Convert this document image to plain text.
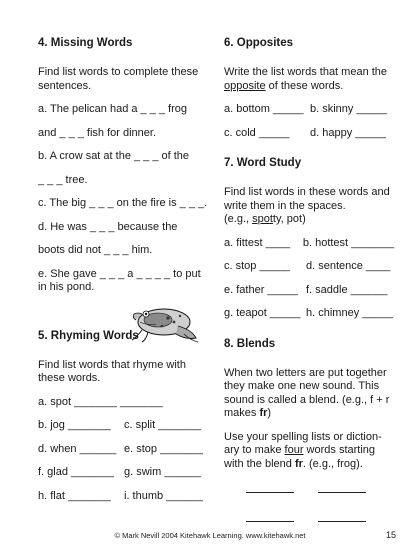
4. Missing Words

Find list words to complete these sentences.

a. The pelican had a _ _ _ frog

and _ _ _ fish for dinner.

b. A crow sat at the _ _ _ of the

_ _ _ tree.

c. The big _ _ _ on the fire is _ _ _.

d. He was _ _ _ because the

boots did not _ _ _ him.

e. She gave _ _ _ a _ _ _ _ to put

in his pond.

5. Rhyming Words

Find list words that rhyme with these words.

a. spot _______ _______

b. jog _______	c. split _______
d. when ______ e. stop _______
f. glad _______ g. swim ______
h. flat _______	i. thumb ______

6. Opposites

Write the list words that mean the opposite of these words.

a. bottom _____ b. skinny _____
c. cold _____	d. happy _____

7. Word Study

Find list words in these words and write them in the spaces.

(e.g., spotty, pot)

a. fittest ____	b. hottest _______
c. stop _____	d. sentence ____
e. father _____ f. saddle ______
g. teapot _____ h. chimney _____

8. Blends

When two letters are put together they make one new sound. This sound is called a blend. (e.g., f + r makes fr)

Use your spelling lists or diction-ary to make four words starting with the blend fr. (e.g., frog).

© Mark Nevill 2004 Kitehawk Learning. www.kitehawk.net	15
